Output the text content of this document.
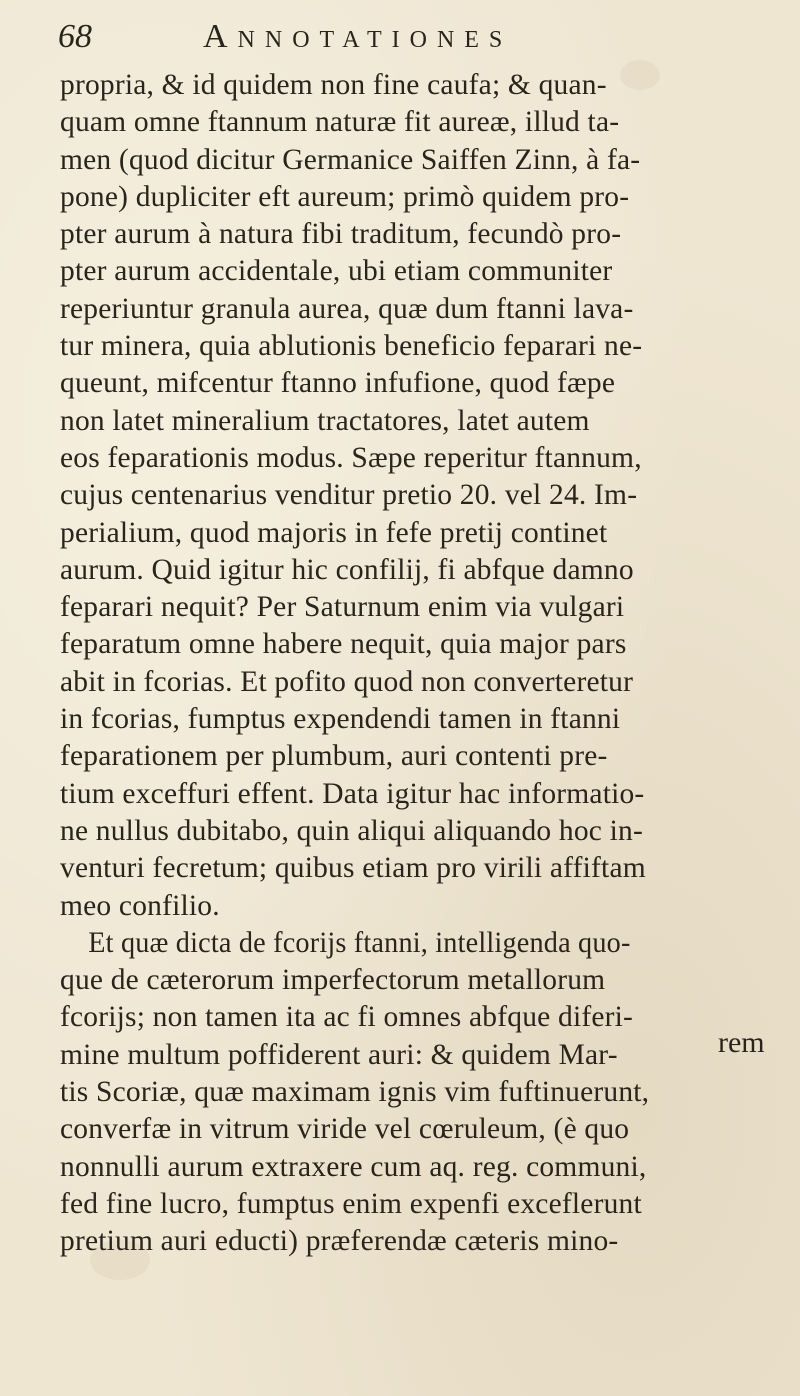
68	Annotationes
propria, & id quidem non fine caufa; & quan-
quam omne ftannum naturæ fit aureæ, illud ta-
men (quod dicitur Germanice Saiffen Zinn, à fa-
pone) dupliciter eft aureum; primò quidem pro-
pter aurum à natura fibi traditum, fecundò pro-
pter aurum accidentale, ubi etiam communiter
reperiuntur granula aurea, quæ dum ftanni lava-
tur minera, quia ablutionis beneficio feparari ne-
queunt, mifcentur ftanno infufione, quod fæpe
non latet mineralium tractatores, latet autem
eos feparationis modus. Sæpe reperitur ftannum,
cujus centenarius venditur pretio 20. vel 24. Im-
perialium, quod majoris in fefe pretij continet
aurum. Quid igitur hic confilij, fi abfque damno
feparari nequit? Per Saturnum enim via vulgari
feparatum omne habere nequit, quia major pars
abit in fcorias. Et pofito quod non converteretur
in fcorias, fumptus expendendi tamen in ftanni
feparationem per plumbum, auri contenti pre-
tium exceffuri effent. Data igitur hac informatio-
ne nullus dubitabo, quin aliqui aliquando hoc in-
venturi fecretum; quibus etiam pro virili affiftam
meo confilio.
Et quæ dicta de fcorijs ftanni, intelligenda quo-
que de cæterorum imperfectorum metallorum
fcorijs; non tamen ita ac fi omnes abfque diferi-
mine multum poffiderent auri: & quidem Mar-
tis Scoriæ, quæ maximam ignis vim fuftinuerunt,
converfæ in vitrum viride vel cœruleum, (è quo
nonnulli aurum extraxere cum aq. reg. communi,
fed fine lucro, fumptus enim expenfi exceflerunt
pretium auri educti) præferendæ cæteris mino-
rem
